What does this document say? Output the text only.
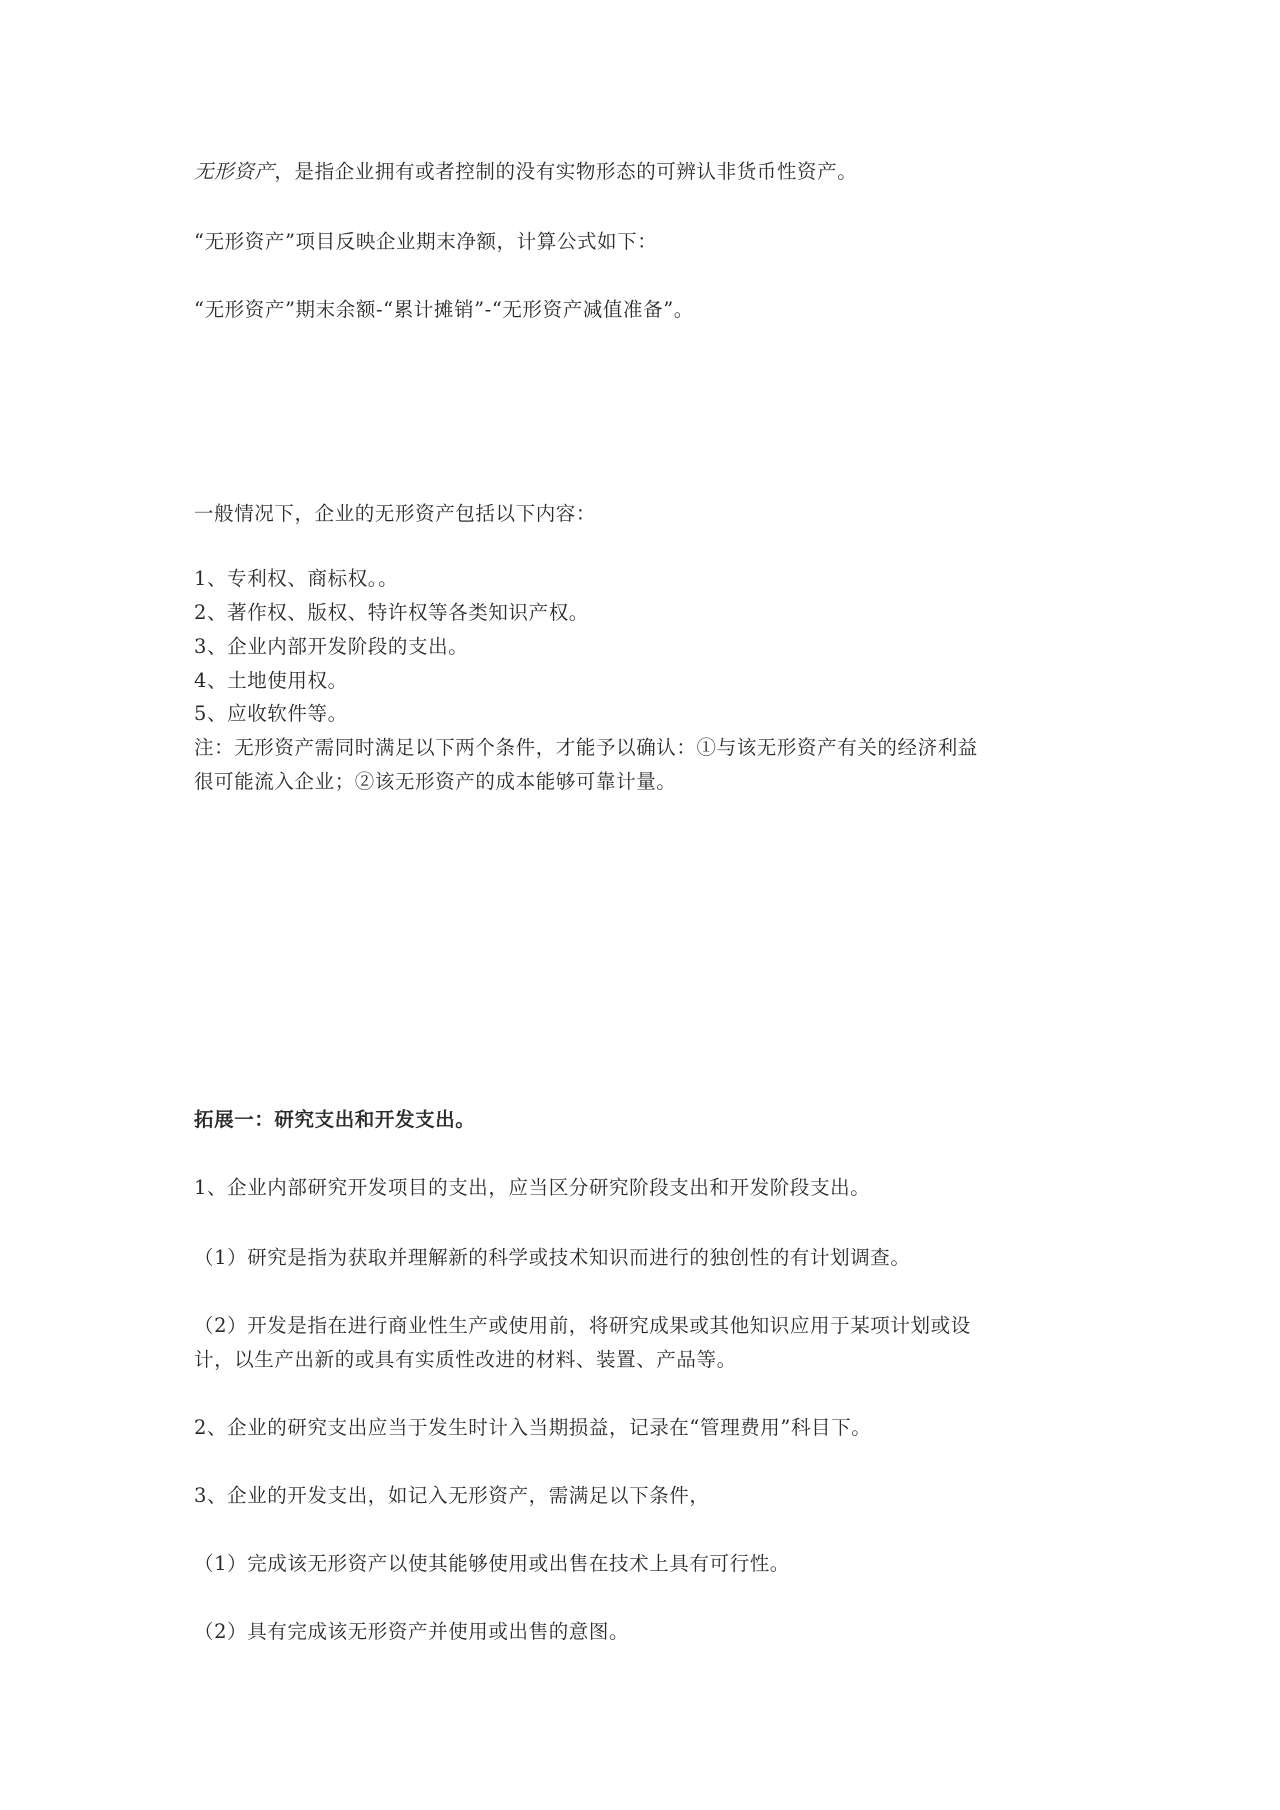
无形资产，是指企业拥有或者控制的没有实物形态的可辨认非货币性资产。
“无形资产”项目反映企业期末净额，计算公式如下：
“无形资产”期末余额-“累计摊销”-“无形资产减值准备”。
一般情况下，企业的无形资产包括以下内容：
1、专利权、商标权。。
2、著作权、版权、特许权等各类知识产权。
3、企业内部开发阶段的支出。
4、土地使用权。
5、应收软件等。
注：无形资产需同时满足以下两个条件，才能予以确认：①与该无形资产有关的经济利益
很可能流入企业；②该无形资产的成本能够可靠计量。
拓展一：研究支出和开发支出。
1、企业内部研究开发项目的支出，应当区分研究阶段支出和开发阶段支出。
（1）研究是指为获取并理解新的科学或技术知识而进行的独创性的有计划调查。
（2）开发是指在进行商业性生产或使用前，将研究成果或其他知识应用于某项计划或设
计，以生产出新的或具有实质性改进的材料、装置、产品等。
2、企业的研究支出应当于发生时计入当期损益，记录在“管理费用”科目下。
3、企业的开发支出，如记入无形资产，需满足以下条件，
（1）完成该无形资产以使其能够使用或出售在技术上具有可行性。
（2）具有完成该无形资产并使用或出售的意图。
